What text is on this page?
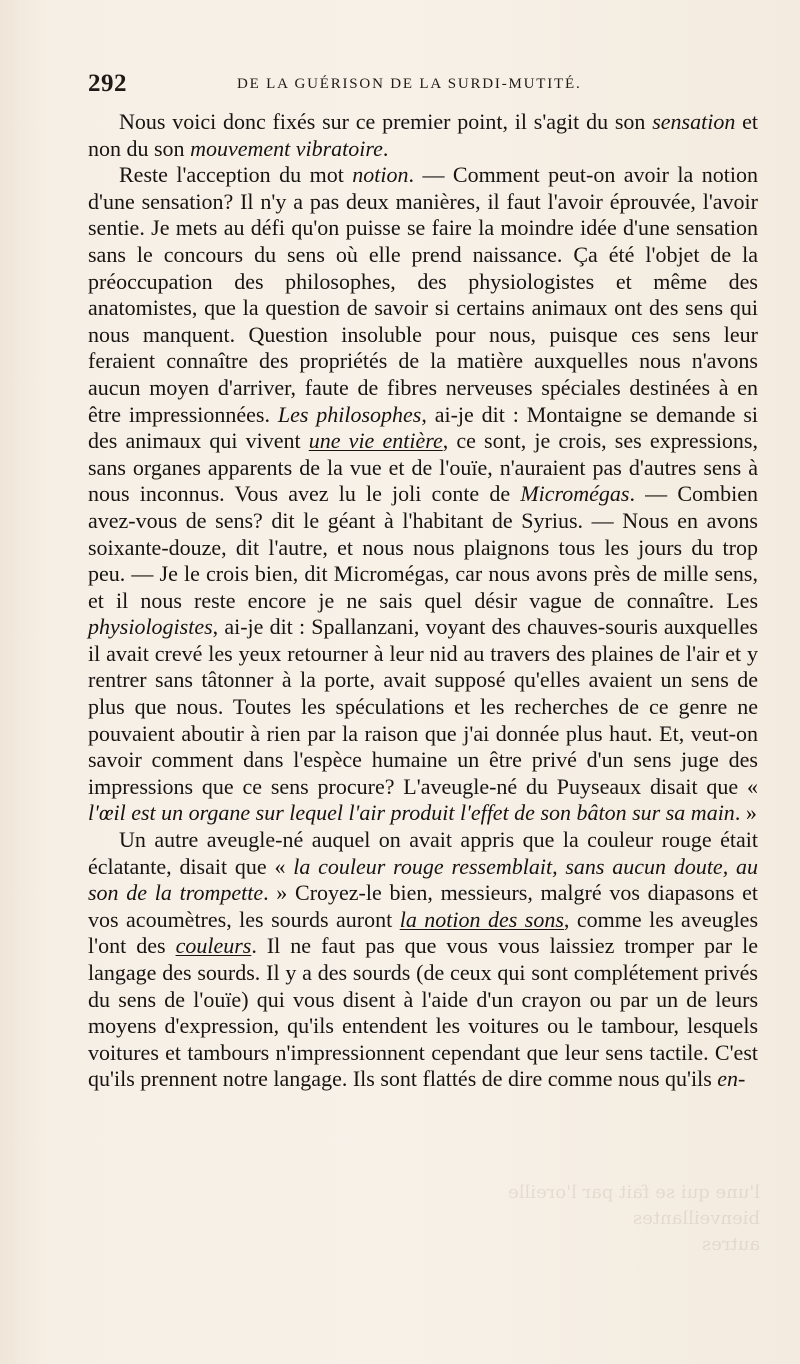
l'une qui se fait par l'oreille
bienveillantes
autres
292	DE LA GUÉRISON DE LA SURDI-MUTITÉ.

Nous voici donc fixés sur ce premier point, il s'agit du son sensation et non du son mouvement vibratoire.

Reste l'acception du mot notion. — Comment peut-on avoir la notion d'une sensation? Il n'y a pas deux manières, il faut l'avoir éprouvée, l'avoir sentie. Je mets au défi qu'on puisse se faire la moindre idée d'une sensation sans le concours du sens où elle prend naissance. Ça été l'objet de la préoccupation des philosophes, des physiologistes et même des anatomistes, que la question de savoir si certains animaux ont des sens qui nous manquent. Question insoluble pour nous, puisque ces sens leur feraient connaître des propriétés de la matière auxquelles nous n'avons aucun moyen d'arriver, faute de fibres nerveuses spéciales destinées à en être impressionnées. Les philosophes, ai-je dit : Montaigne se demande si des animaux qui vivent une vie entière, ce sont, je crois, ses expressions, sans organes apparents de la vue et de l'ouïe, n'auraient pas d'autres sens à nous inconnus. Vous avez lu le joli conte de Micromégas. — Combien avez-vous de sens? dit le géant à l'habitant de Syrius. — Nous en avons soixante-douze, dit l'autre, et nous nous plaignons tous les jours du trop peu. — Je le crois bien, dit Micromégas, car nous avons près de mille sens, et il nous reste encore je ne sais quel désir vague de connaître. Les physiologistes, ai-je dit : Spallanzani, voyant des chauves-souris auxquelles il avait crevé les yeux retourner à leur nid au travers des plaines de l'air et y rentrer sans tâtonner à la porte, avait supposé qu'elles avaient un sens de plus que nous. Toutes les spéculations et les recherches de ce genre ne pouvaient aboutir à rien par la raison que j'ai donnée plus haut. Et, veut-on savoir comment dans l'espèce humaine un être privé d'un sens juge des impressions que ce sens procure? L'aveugle-né du Puyseaux disait que « l'œil est un organe sur lequel l'air produit l'effet de son bâton sur sa main. »

Un autre aveugle-né auquel on avait appris que la couleur rouge était éclatante, disait que « la couleur rouge ressemblait, sans aucun doute, au son de la trompette. » Croyez-le bien, messieurs, malgré vos diapasons et vos acoumètres, les sourds auront la notion des sons, comme les aveugles l'ont des couleurs. Il ne faut pas que vous vous laissiez tromper par le langage des sourds. Il y a des sourds (de ceux qui sont complétement privés du sens de l'ouïe) qui vous disent à l'aide d'un crayon ou par un de leurs moyens d'expression, qu'ils entendent les voitures ou le tambour, lesquels voitures et tambours n'impressionnent cependant que leur sens tactile. C'est qu'ils prennent notre langage. Ils sont flattés de dire comme nous qu'ils en-
